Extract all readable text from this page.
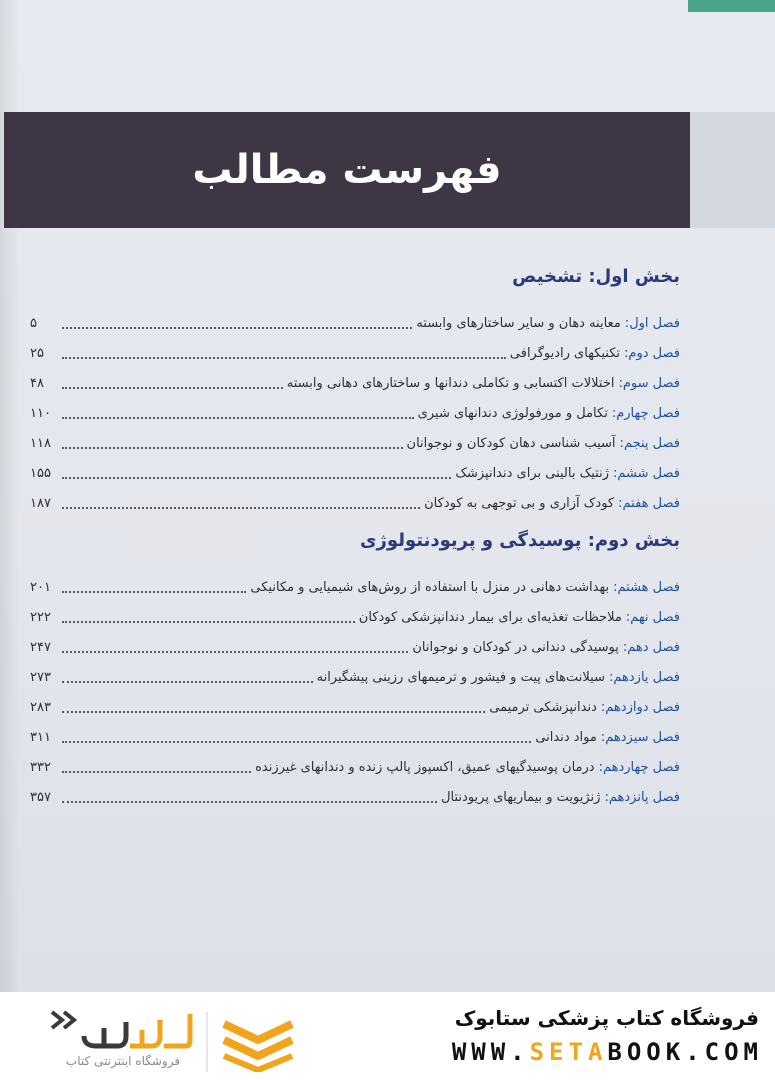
فهرست مطالب
بخش اول: تشخیص
فصل اول
:
معاینه دهان و سایر ساختارهای وابسته
۵
فصل دوم
:
تکنیکهای رادیوگرافی
۲۵
فصل سوم
:
اختلالات اکتسابی و تکاملی دندانها و ساختارهای دهانی وابسته
۴۸
فصل چهارم
:
تکامل و مورفولوژی دندانهای شیری
۱۱۰
فصل پنجم
:
آسیب شناسی دهان کودکان و نوجوانان
۱۱۸
فصل ششم
:
ژنتیک بالینی برای دندانپزشک
۱۵۵
فصل هفتم
:
کودک آزاری و بی توجهی به کودکان
۱۸۷
بخش دوم: پوسیدگی و پریودنتولوژی
فصل هشتم
:
بهداشت دهانی در منزل با استفاده از روش‌های شیمیایی و مکانیکی
۲۰۱
فصل نهم
:
ملاحظات تغذیه‌ای برای بیمار دندانپزشکی کودکان
۲۲۲
فصل دهم
:
پوسیدگی دندانی در کودکان و نوجوانان
۲۴۷
فصل یازدهم
:
سیلانت‌های پیت و فیشور و ترمیمهای رزینی پیشگیرانه
۲۷۳
فصل دوازدهم
:
دندانپزشکی ترمیمی
۲۸۳
فصل سیزدهم
:
مواد دندانی
۳۱۱
فصل چهاردهم
:
درمان پوسیدگیهای عمیق، اکسپوز پالپ زنده و دندانهای غیرزنده
۳۳۲
فصل پانزدهم
:
ژنژیویت و بیماریهای پریودنتال
۳۵۷
فروشگاه کتاب پزشکی ستابوک
WWW.SETABOOK.COM
فروشگاه اینترنتی کتاب
